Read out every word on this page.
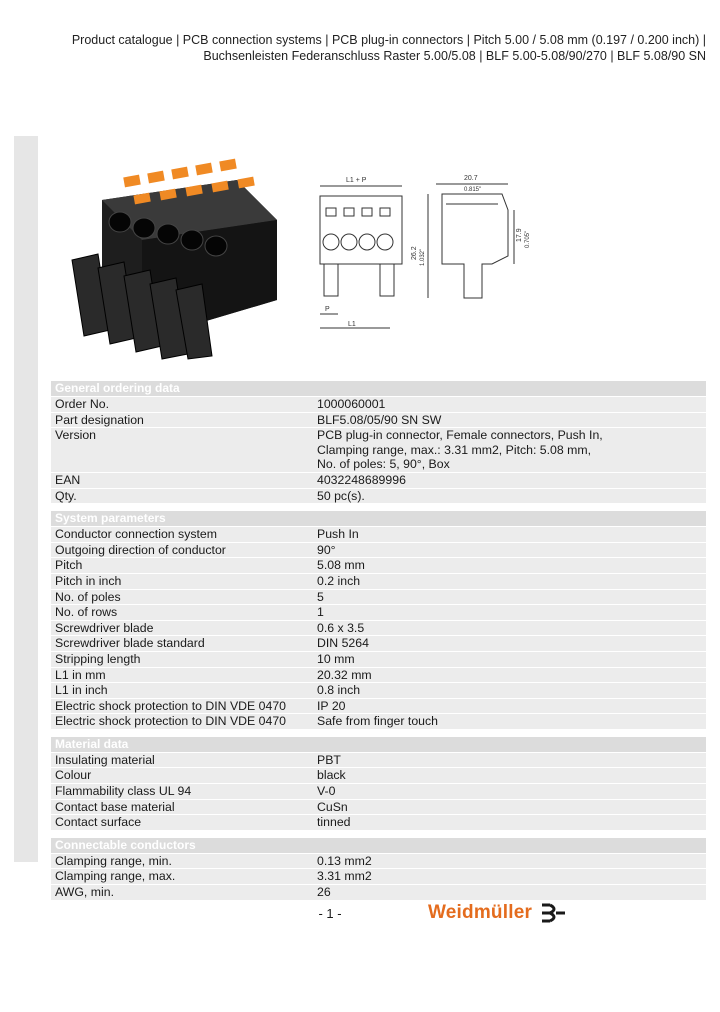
Product catalogue | PCB connection systems | PCB plug-in connectors | Pitch 5.00 / 5.08 mm (0.197 / 0.200 inch) |
Buchsenleisten Federanschluss Raster 5.00/5.08 | BLF 5.00-5.08/90/270 | BLF 5.08/90 SN
L1 + P
P
L1
20.7
0.815"
26.2 1.032"
17.9 0.705"
General ordering data
Order No.	1000060001
Part designation	BLF5.08/05/90 SN SW
Version	PCB plug-in connector, Female connectors, Push In, Clamping range, max.: 3.31 mm2, Pitch: 5.08 mm, No. of poles: 5, 90°, Box
EAN	4032248689996
Qty.	50 pc(s).
System parameters
Conductor connection system	Push In
Outgoing direction of conductor	90°
Pitch	5.08 mm
Pitch in inch	0.2 inch
No. of poles	5
No. of rows	1
Screwdriver blade	0.6 x 3.5
Screwdriver blade standard	DIN 5264
Stripping length	10 mm
L1 in mm	20.32 mm
L1 in inch	0.8 inch
Electric shock protection to DIN VDE 0470	IP 20
Electric shock protection to DIN VDE 0470	Safe from finger touch
Material data
Insulating material	PBT
Colour	black
Flammability class UL 94	V-0
Contact base material	CuSn
Contact surface	tinned
Connectable conductors
Clamping range, min.	0.13 mm2
Clamping range, max.	3.31 mm2
AWG, min.	26
- 1 -	Weidmüller
